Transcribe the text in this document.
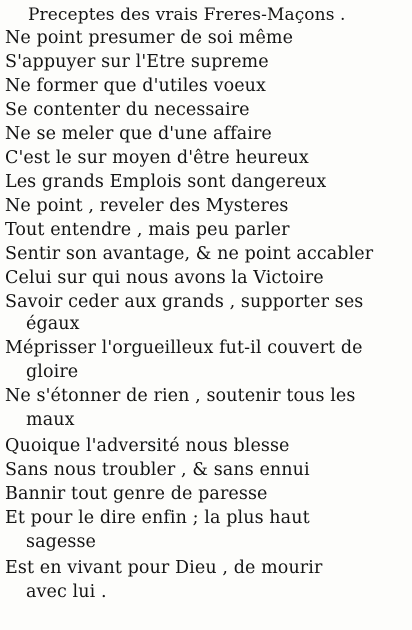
Preceptes des vrais Freres-Maçons .
Ne point presumer de soi même
S'appuyer sur l'Etre supreme
Ne former que d'utiles voeux
Se contenter du necessaire
Ne se meler que d'une affaire
C'est le sur moyen d'être heureux
Les grands Emplois sont dangereux
Ne point , reveler des Mysteres
Tout entendre , mais peu parler
Sentir son avantage, & ne point accabler
Celui sur qui nous avons la Victoire
Savoir ceder aux grands , supporter ses
égaux
Méprisser l'orgueilleux fut-il couvert de
gloire
Ne s'étonner de rien , soutenir tous les
maux
Quoique l'adversité nous blesse
Sans nous troubler , & sans ennui
Bannir tout genre de paresse
Et pour le dire enfin ; la plus haut
sagesse
Est en vivant pour Dieu , de mourir
avec lui .
